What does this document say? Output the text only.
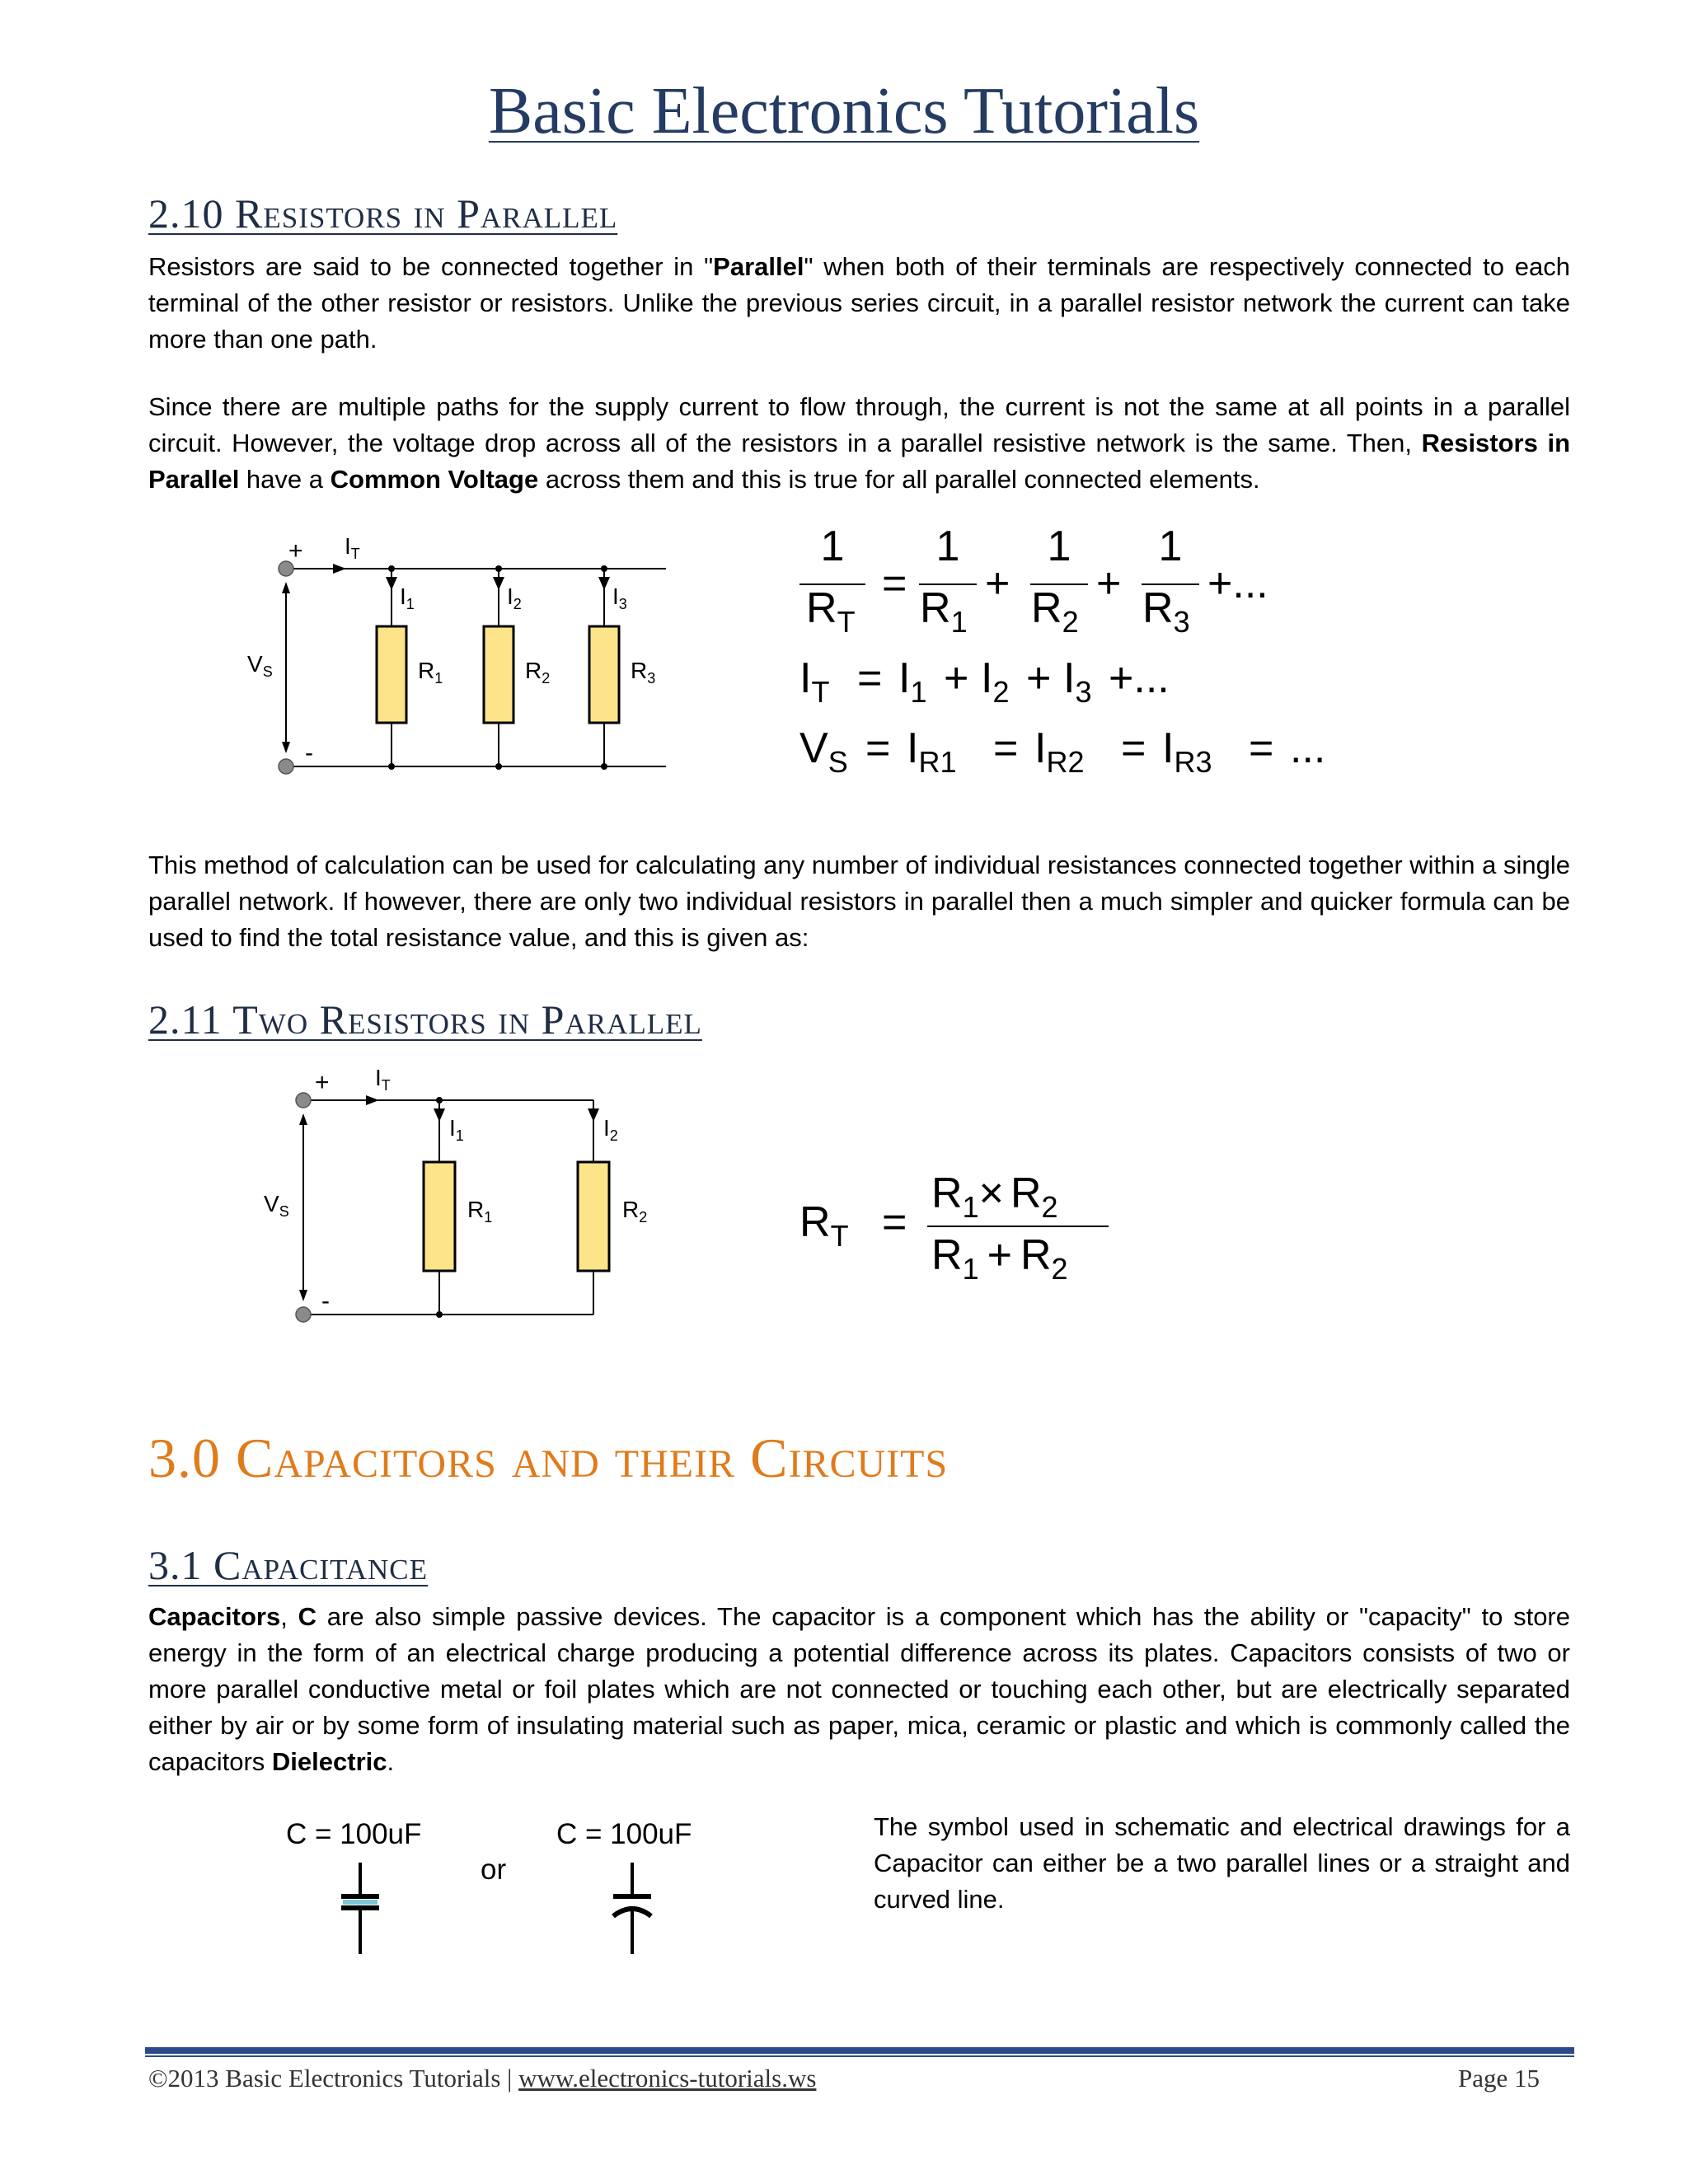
Basic Electronics Tutorials
2.10 Resistors in Parallel
Resistors are said to be connected together in "Parallel" when both of their terminals are respectively connected to each terminal of the other resistor or resistors. Unlike the previous series circuit, in a parallel resistor network the current can take more than one path.
Since there are multiple paths for the supply current to flow through, the current is not the same at all points in a parallel circuit. However, the voltage drop across all of the resistors in a parallel resistive network is the same. Then, Resistors in Parallel have a Common Voltage across them and this is true for all parallel connected elements.
+
-
$I_T$
$V_S$
$I_1$	$I_2$	$I_3$
$R_1$	$R_2$	$R_3$
1
$R_T$
=
1
$R_1$
+
1
$R_2$
+
1
$R_3$
+...
$I_T = I_1 + I_2 + I_3$ +...
$V_S = I_{R1} = I_{R2} = I_{R3}$ = ...
This method of calculation can be used for calculating any number of individual resistances connected together within a single parallel network. If however, there are only two individual resistors in parallel then a much simpler and quicker formula can be used to find the total resistance value, and this is given as:
2.11 Two Resistors in Parallel
+
-
$I_T$
$V_S$
$I_1$	$I_2$
$R_1$	$R_2$	$R_T$ =
$R_1\times R_2$
$R_1 + R_2$
3.0 Capacitors and their Circuits
3.1 Capacitance
Capacitors, C are also simple passive devices. The capacitor is a component which has the ability or "capacity" to store energy in the form of an electrical charge producing a potential difference across its plates. Capacitors consists of two or more parallel conductive metal or foil plates which are not connected or touching each other, but are electrically separated either by air or by some form of insulating material such as paper, mica, ceramic or plastic and which is commonly called the capacitors Dielectric.
C = 100uF	C = 100uF
or
The symbol used in schematic and electrical drawings for a Capacitor can either be a two parallel lines or a straight and curved line.
©2013 Basic Electronics Tutorials | www.electronics-tutorials.ws	Page 15
